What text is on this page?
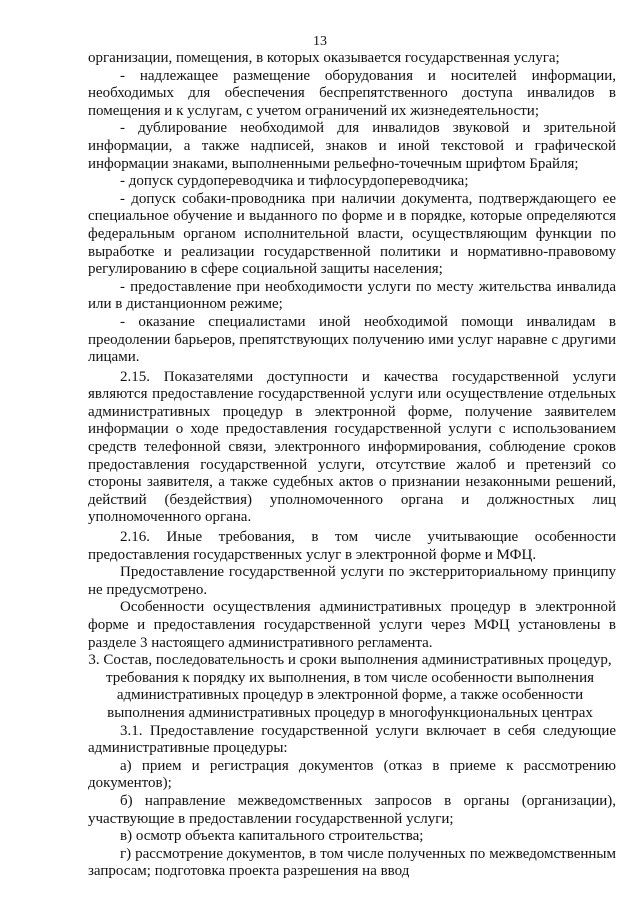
13

организации, помещения, в которых оказывается государственная услуга;

- надлежащее размещение оборудования и носителей информации, необходимых для обеспечения беспрепятственного доступа инвалидов в помещения и к услугам, с учетом ограничений их жизнедеятельности;

- дублирование необходимой для инвалидов звуковой и зрительной информации, а также надписей, знаков и иной текстовой и графической информации знаками, выполненными рельефно-точечным шрифтом Брайля;

- допуск сурдопереводчика и тифлосурдопереводчика;

- допуск собаки-проводника при наличии документа, подтверждающего ее специальное обучение и выданного по форме и в порядке, которые определяются федеральным органом исполнительной власти, осуществляющим функции по выработке и реализации государственной политики и нормативно-правовому регулированию в сфере социальной защиты населения;

- предоставление при необходимости услуги по месту жительства инвалида или в дистанционном режиме;

- оказание специалистами иной необходимой помощи инвалидам в преодолении барьеров, препятствующих получению ими услуг наравне с другими лицами.

2.15. Показателями доступности и качества государственной услуги являются предоставление государственной услуги или осуществление отдельных административных процедур в электронной форме, получение заявителем информации о ходе предоставления государственной услуги с использованием средств телефонной связи, электронного информирования, соблюдение сроков предоставления государственной услуги, отсутствие жалоб и претензий со стороны заявителя, а также судебных актов о признании незаконными решений, действий (бездействия) уполномоченного органа и должностных лиц уполномоченного органа.

2.16. Иные требования, в том числе учитывающие особенности предоставления государственных услуг в электронной форме и МФЦ.

Предоставление государственной услуги по экстерриториальному принципу не предусмотрено.

Особенности осуществления административных процедур в электронной форме и предоставления государственной услуги через МФЦ установлены в разделе 3 настоящего административного регламента.

3. Состав, последовательность и сроки выполнения административных процедур, требования к порядку их выполнения, в том числе особенности выполнения административных процедур в электронной форме, а также особенности выполнения административных процедур в многофункциональных центрах

3.1. Предоставление государственной услуги включает в себя следующие административные процедуры:

а) прием и регистрация документов (отказ в приеме к рассмотрению документов);

б) направление межведомственных запросов в органы (организации), участвующие в предоставлении государственной услуги;

в) осмотр объекта капитального строительства;

г) рассмотрение документов, в том числе полученных по межведомственным запросам; подготовка проекта разрешения на ввод
